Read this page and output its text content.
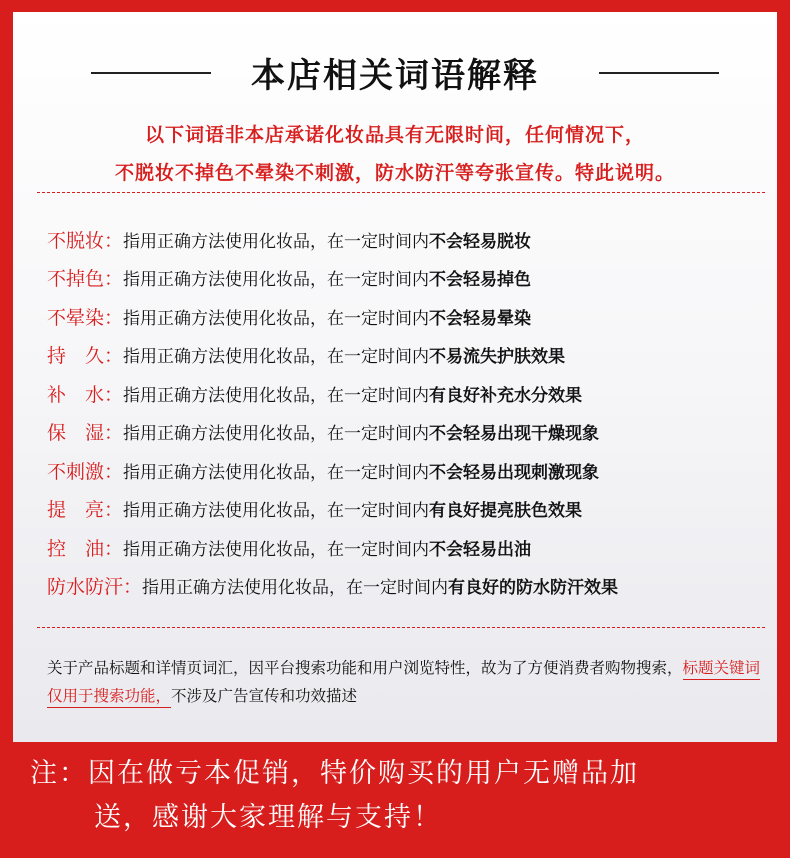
本店相关词语解释
以下词语非本店承诺化妆品具有无限时间，任何情况下，
不脱妆不掉色不晕染不刺激，防水防汗等夸张宣传。特此说明。
不脱妆： 指用正确方法使用化妆品，在一定时间内 不会轻易脱妆
不掉色： 指用正确方法使用化妆品，在一定时间内 不会轻易掉色
不晕染： 指用正确方法使用化妆品，在一定时间内 不会轻易晕染
持　久： 指用正确方法使用化妆品，在一定时间内 不易流失护肤效果
补　水： 指用正确方法使用化妆品，在一定时间内 有良好补充水分效果
保　湿： 指用正确方法使用化妆品，在一定时间内 不会轻易出现干燥现象
不刺激： 指用正确方法使用化妆品，在一定时间内 不会轻易出现刺激现象
提　亮： 指用正确方法使用化妆品，在一定时间内 有良好提亮肤色效果
控　油： 指用正确方法使用化妆品，在一定时间内 不会轻易出油
防水防汗： 指用正确方法使用化妆品，在一定时间内 有良好的防水防汗效果
关于产品标题和详情页词汇，因平台搜索功能和用户浏览特性，故为了方便消费者购物搜索，标题关键词仅用于搜索功能，不涉及广告宣传和功效描述
注：因在做亏本促销，特价购买的用户无赠品加
送，感谢大家理解与支持！
